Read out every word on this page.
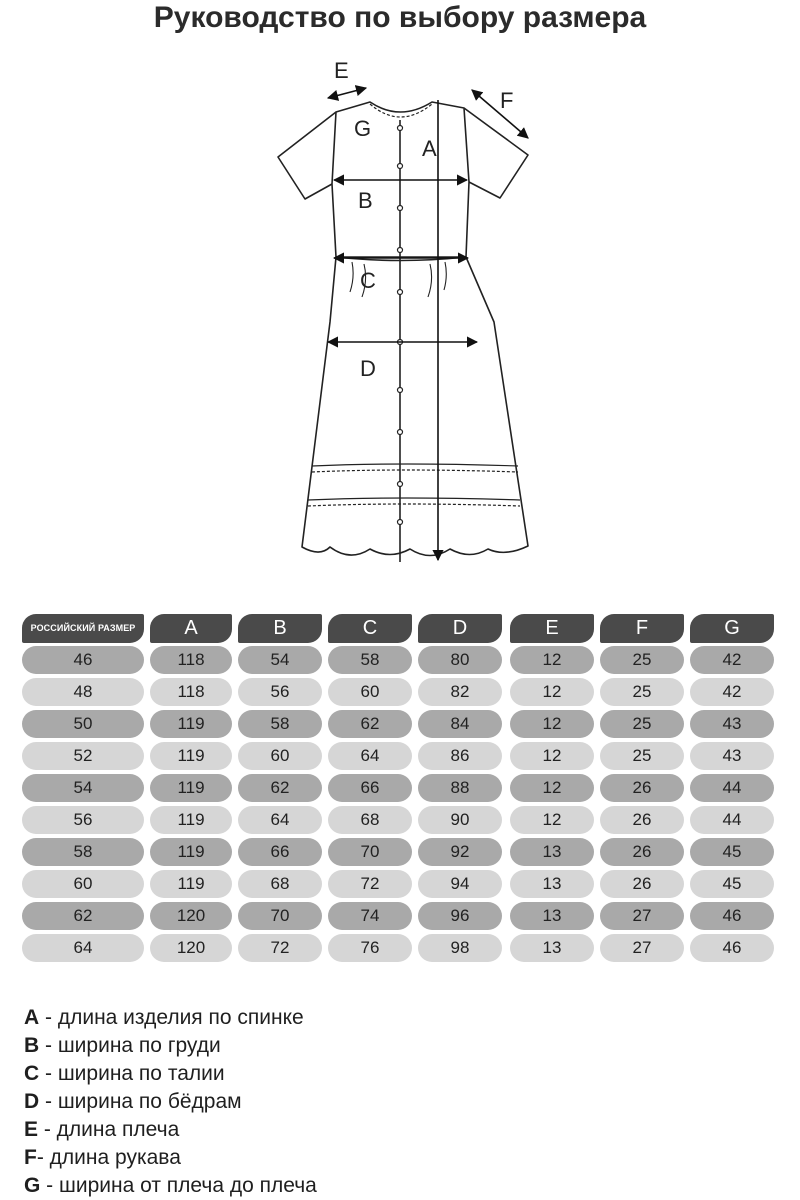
Руководство по выбору размера
A
B
C
D
E
F
G
РОССИЙСКИЙ РАЗМЕР	A	B	C	D	E	F	G
46	118	54	58	80	12	25	42
48	118	56	60	82	12	25	42
50	119	58	62	84	12	25	43
52	119	60	64	86	12	25	43
54	119	62	66	88	12	26	44
56	119	64	68	90	12	26	44
58	119	66	70	92	13	26	45
60	119	68	72	94	13	26	45
62	120	70	74	96	13	27	46
64	120	72	76	98	13	27	46
A - длина изделия по спинке
B - ширина по груди
C - ширина по талии
D - ширина по бёдрам
E - длина плеча
F- длина рукава
G - ширина от плеча до плеча
